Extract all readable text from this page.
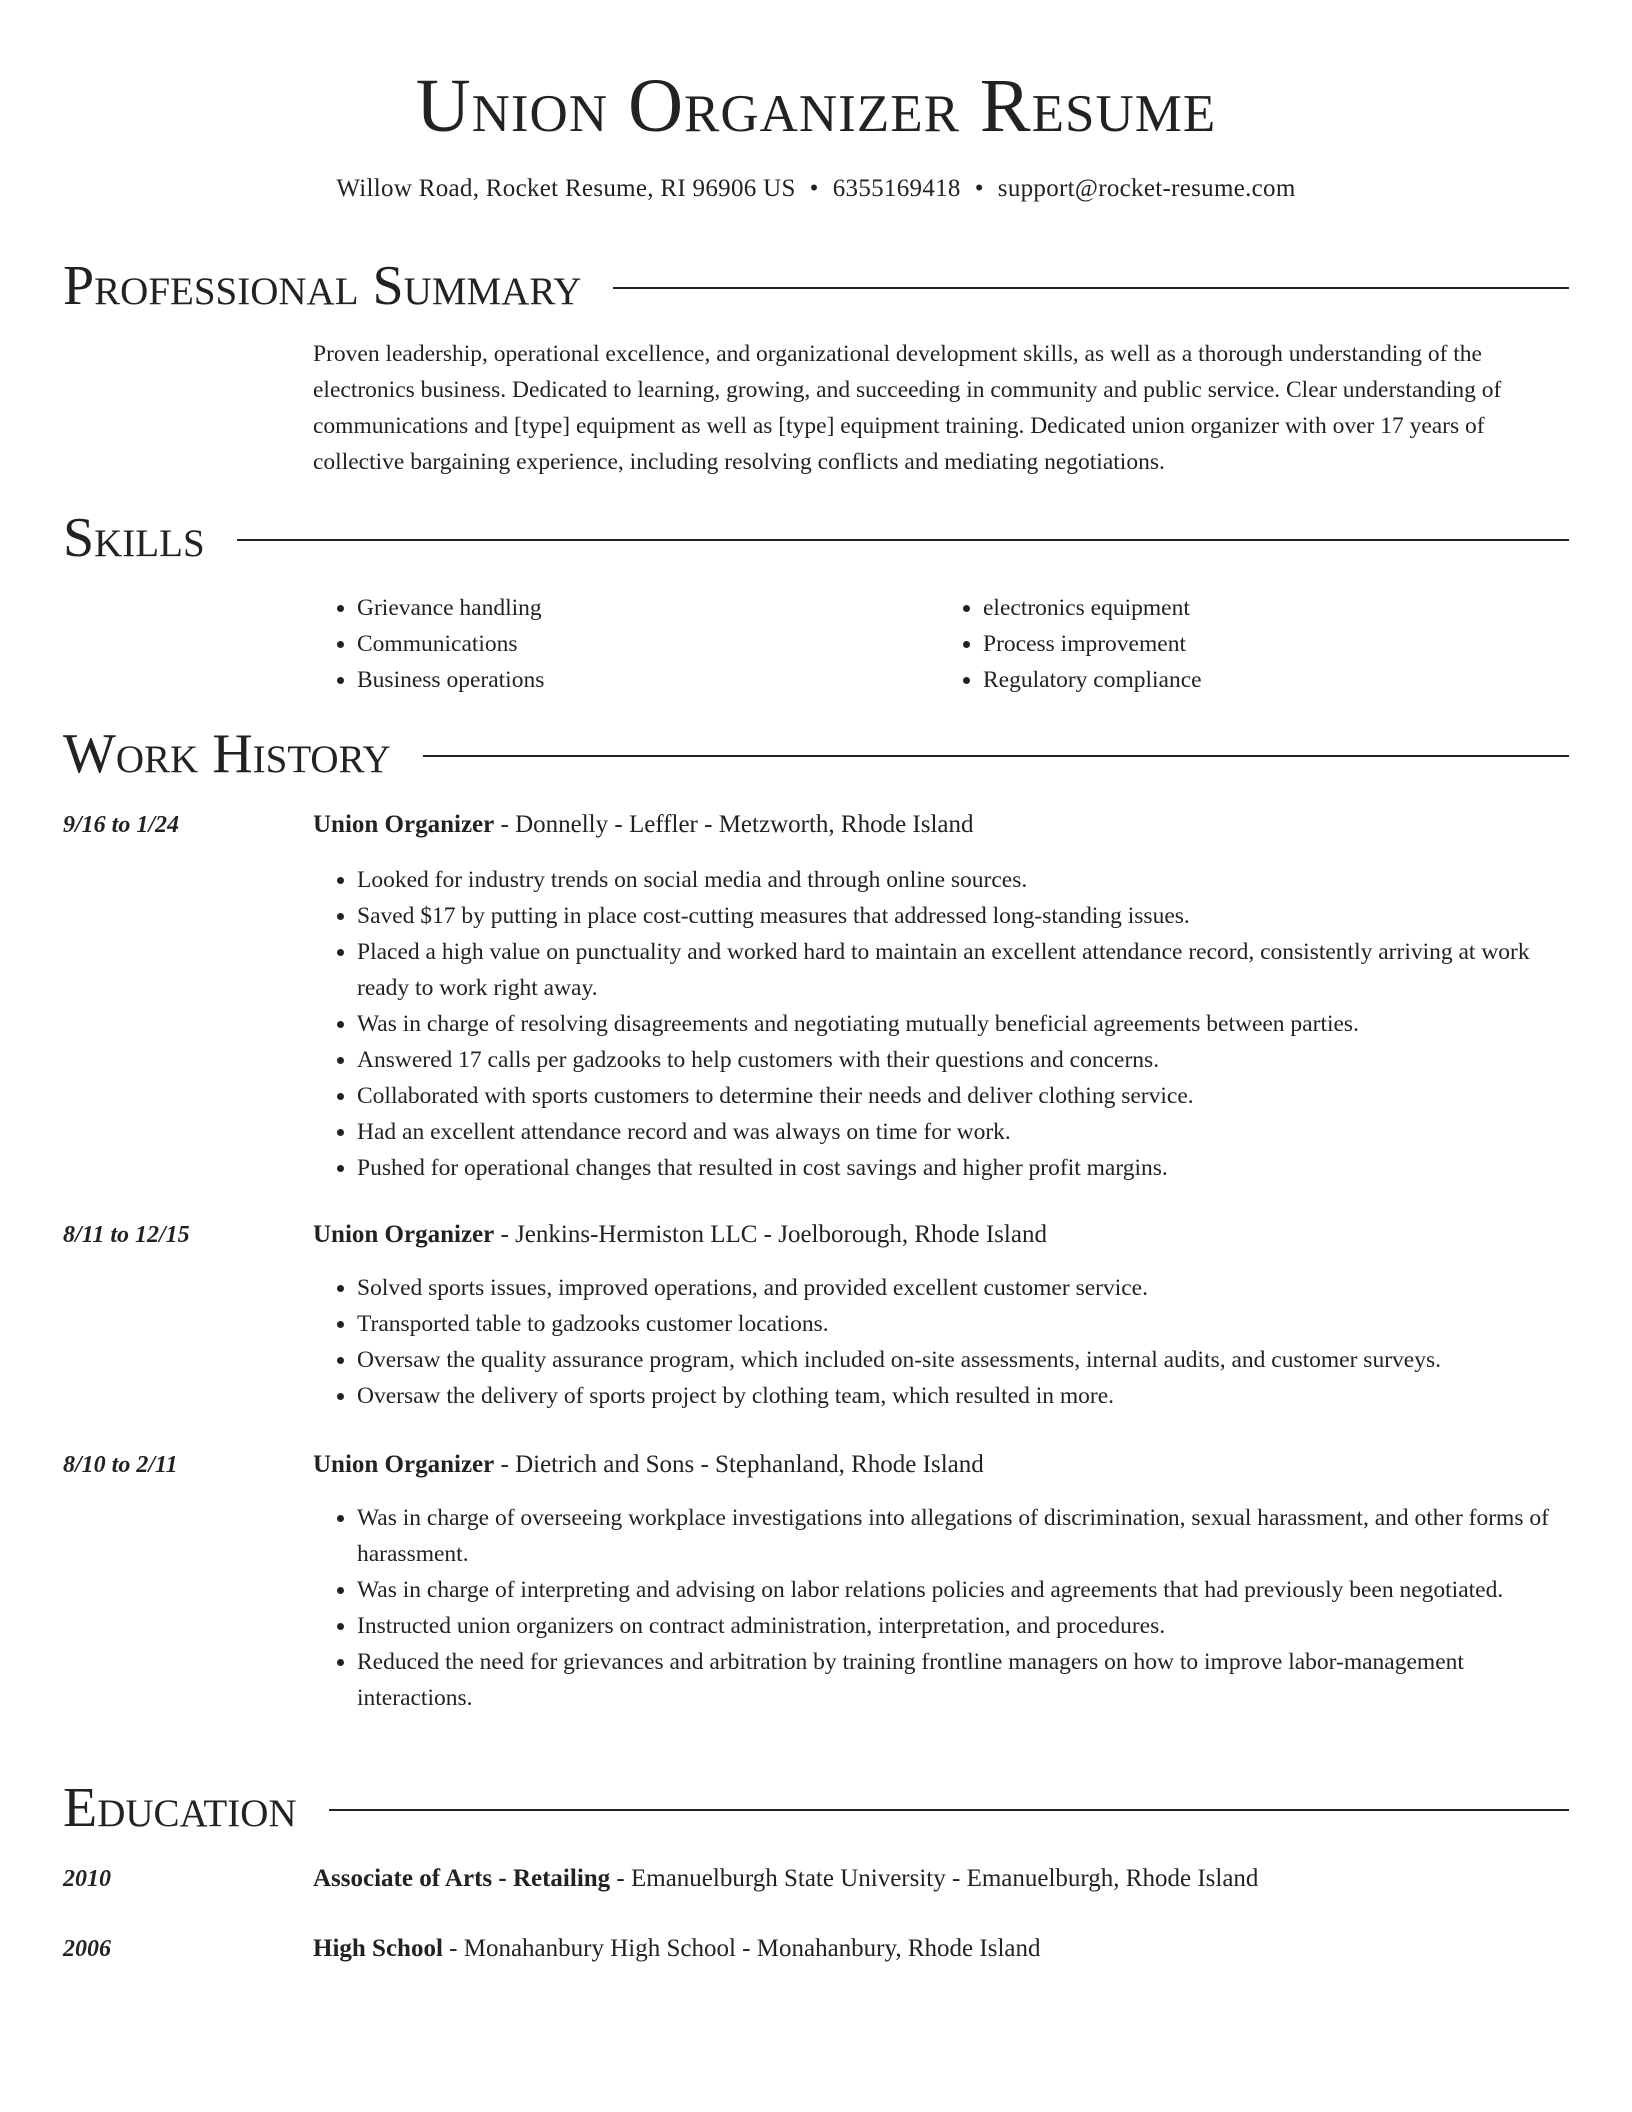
Union Organizer Resume
Willow Road, Rocket Resume, RI 96906 US • 6355169418 • support@rocket-resume.com
Professional Summary

Proven leadership, operational excellence, and organizational development skills, as well as a thorough understanding of the electronics business. Dedicated to learning, growing, and succeeding in community and public service. Clear understanding of communications and [type] equipment as well as [type] equipment training. Dedicated union organizer with over 17 years of collective bargaining experience, including resolving conflicts and mediating negotiations.

Skills
• Grievance handling
• Communications
• Business operations
• electronics equipment
• Process improvement
• Regulatory compliance
Work History
9/16 to 1/24	Union Organizer - Donnelly - Leffler - Metzworth, Rhode Island
• Looked for industry trends on social media and through online sources.
• Saved $17 by putting in place cost-cutting measures that addressed long-standing issues.
• Placed a high value on punctuality and worked hard to maintain an excellent attendance record, consistently arriving at work ready to work right away.
• Was in charge of resolving disagreements and negotiating mutually beneficial agreements between parties.
• Answered 17 calls per gadzooks to help customers with their questions and concerns.
• Collaborated with sports customers to determine their needs and deliver clothing service.
• Had an excellent attendance record and was always on time for work.
• Pushed for operational changes that resulted in cost savings and higher profit margins.
8/11 to 12/15	Union Organizer - Jenkins-Hermiston LLC - Joelborough, Rhode Island
• Solved sports issues, improved operations, and provided excellent customer service.
• Transported table to gadzooks customer locations.
• Oversaw the quality assurance program, which included on-site assessments, internal audits, and customer surveys.
• Oversaw the delivery of sports project by clothing team, which resulted in more.
8/10 to 2/11	Union Organizer - Dietrich and Sons - Stephanland, Rhode Island
• Was in charge of overseeing workplace investigations into allegations of discrimination, sexual harassment, and other forms of harassment.
• Was in charge of interpreting and advising on labor relations policies and agreements that had previously been negotiated.
• Instructed union organizers on contract administration, interpretation, and procedures.
• Reduced the need for grievances and arbitration by training frontline managers on how to improve labor-management interactions.
Education
2010	Associate of Arts - Retailing - Emanuelburgh State University - Emanuelburgh, Rhode Island
2006	High School - Monahanbury High School - Monahanbury, Rhode Island
